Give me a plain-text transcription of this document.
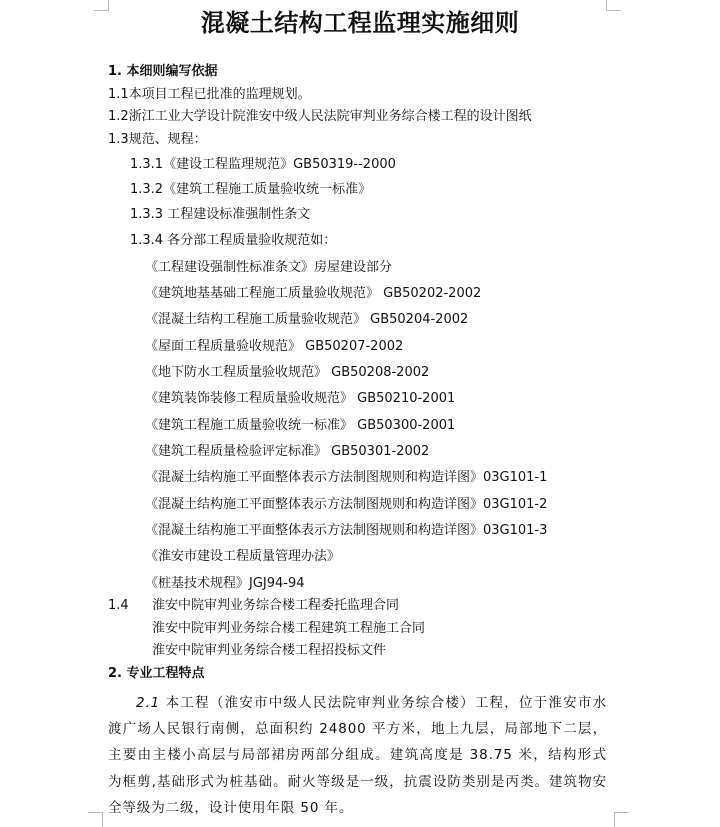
混凝土结构工程监理实施细则
1. 本细则编写依据
1.1本项目工程已批准的监理规划。
1.2浙江工业大学设计院淮安中级人民法院审判业务综合楼工程的设计图纸
1.3规范、规程：
1.3.1《建设工程监理规范》GB50319--2000
1.3.2《建筑工程施工质量验收统一标准》
1.3.3 工程建设标准强制性条文
1.3.4 各分部工程质量验收规范如：
《工程建设强制性标准条文》房屋建设部分
《建筑地基基础工程施工质量验收规范》 GB50202-2002
《混凝土结构工程施工质量验收规范》 GB50204-2002
《屋面工程质量验收规范》 GB50207-2002
《地下防水工程质量验收规范》 GB50208-2002
《建筑装饰装修工程质量验收规范》 GB50210-2001
《建筑工程施工质量验收统一标准》 GB50300-2001
《建筑工程质量检验评定标准》 GB50301-2002
《混凝土结构施工平面整体表示方法制图规则和构造详图》03G101-1
《混凝土结构施工平面整体表示方法制图规则和构造详图》03G101-2
《混凝土结构施工平面整体表示方法制图规则和构造详图》03G101-3
《淮安市建设工程质量管理办法》
《桩基技术规程》JGJ94-94
1.4 淮安中院审判业务综合楼工程委托监理合同
淮安中院审判业务综合楼工程建筑工程施工合同
淮安中院审判业务综合楼工程招投标文件
2. 专业工程特点
2.1 本工程（淮安市中级人民法院审判业务综合楼）工程，位于淮安市水渡广场人民银行南侧，总面积约 24800 平方米，地上九层，局部地下二层，主要由主楼小高层与局部裙房两部分组成。建筑高度是 38.75 米，结构形式为框剪,基础形式为桩基础。耐火等级是一级，抗震设防类别是丙类。建筑物安全等级为二级，设计使用年限 50 年。
